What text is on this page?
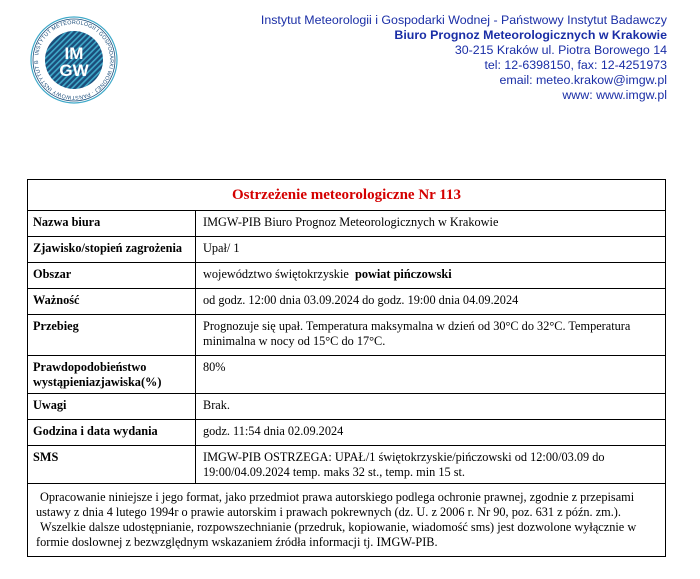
INSTYTUT METEOROLOGII I GOSPODARKI WODNEJ · PAŃSTWOWY INSTYTUT B	IM
GW
Instytut Meteorologii i Gospodarki Wodnej - Państwowy Instytut Badawczy
Biuro Prognoz Meteorologicznych w Krakowie
30-215 Kraków ul. Piotra Borowego 14
tel: 12-6398150, fax: 12-4251973
email: meteo.krakow@imgw.pl
www: www.imgw.pl
Ostrzeżenie meteorologiczne Nr 113
Nazwa biura	IMGW-PIB Biuro Prognoz Meteorologicznych w Krakowie
Zjawisko/stopień zagrożenia	Upał/ 1
Obszar	województwo świętokrzyskie powiat pińczowski
Ważność	od godz. 12:00 dnia 03.09.2024 do godz. 19:00 dnia 04.09.2024
Przebieg	Prognozuje się upał. Temperatura maksymalna w dzień od 30°C do 32°C. Temperatura minimalna w nocy od 15°C do 17°C.
Prawdopodobieństwo wystąpieniazjawiska(%)	80%
Uwagi	Brak.
Godzina i data wydania	godz. 11:54 dnia 02.09.2024
SMS	IMGW-PIB OSTRZEGA: UPAŁ/1 świętokrzyskie/pińczowski od 12:00/03.09 do 19:00/04.09.2024 temp. maks 32 st., temp. min 15 st.

Opracowanie niniejsze i jego format, jako przedmiot prawa autorskiego podlega ochronie prawnej, zgodnie z przepisami ustawy z dnia 4 lutego 1994r o prawie autorskim i prawach pokrewnych (dz. U. z 2006 r. Nr 90, poz. 631 z późn. zm.).

Wszelkie dalsze udostępnianie, rozpowszechnianie (przedruk, kopiowanie, wiadomość sms) jest dozwolone wyłącznie w formie doslownej z bezwzględnym wskazaniem źródła informacji tj. IMGW-PIB.
